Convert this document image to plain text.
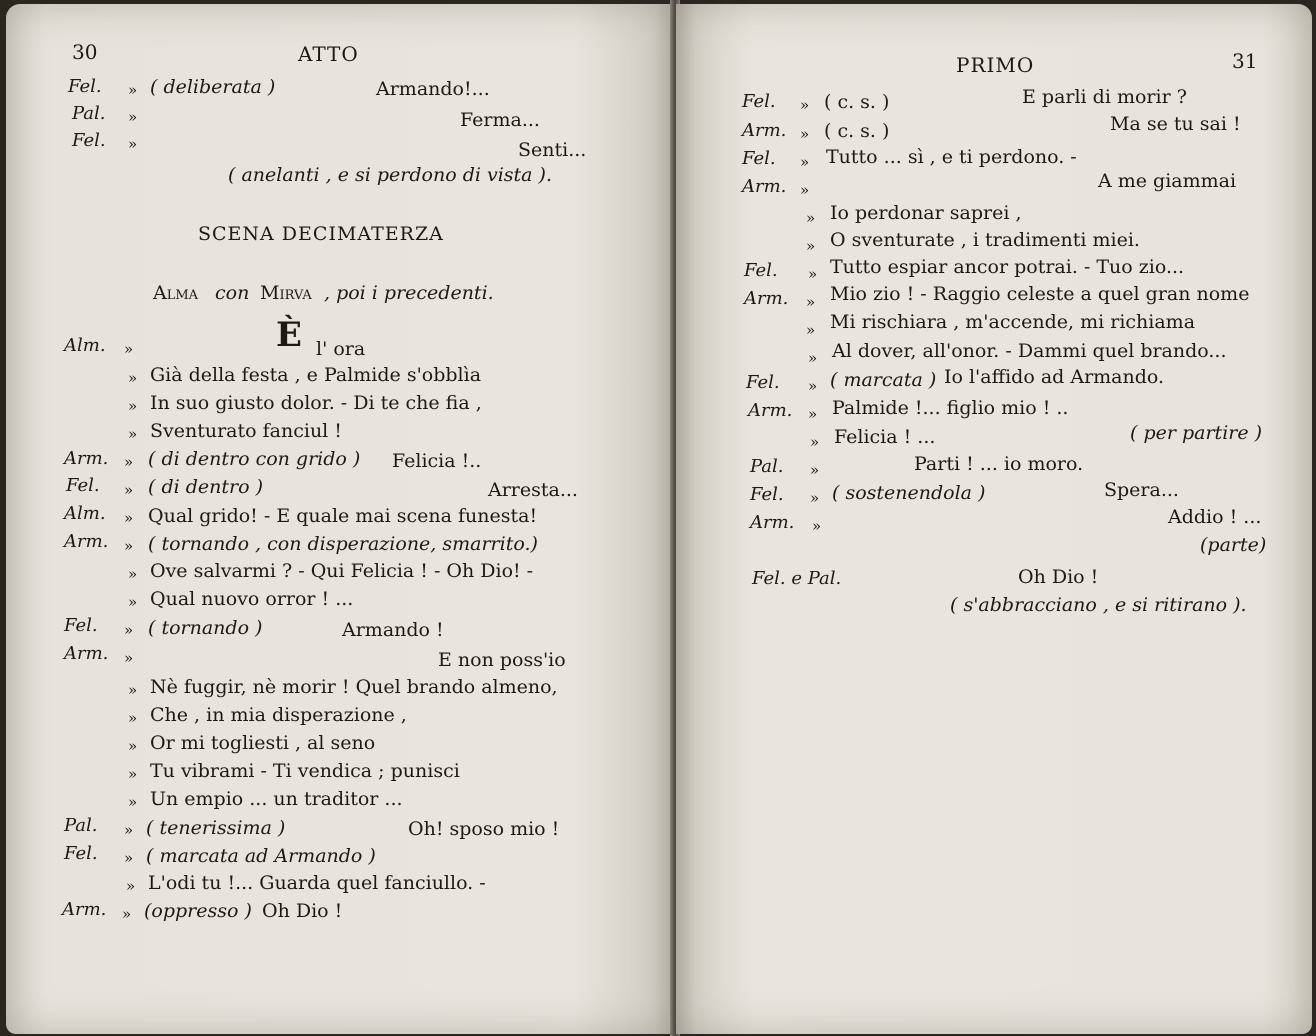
30	ATTO
Fel. » ( deliberata )	Armando!...
Pal. »	Ferma...
Fel. »	Senti...
( anelanti , e si perdono di vista ).
SCENA DECIMATERZA
Alma con Mirva , poi i precedenti.
Alm. »	È l' ora
» Già della festa , e Palmide s'obblìa
» In suo giusto dolor. - Di te che fia ,
» Sventurato fanciul !
Arm. » ( di dentro con grido ) Felicia !..
Fel. » ( di dentro )	Arresta...
Alm. » Qual grido! - E quale mai scena funesta!
Arm. » ( tornando , con disperazione, smarrito.)
» Ove salvarmi ? - Qui Felicia ! - Oh Dio! -
» Qual nuovo orror ! ...
Fel. » ( tornando )	Armando !
Arm. »	E non poss'io
» Nè fuggir, nè morir ! Quel brando almeno,
» Che , in mia disperazione ,
» Or mi togliesti , al seno
» Tu vibrami - Ti vendica ; punisci
» Un empio ... un traditor ...
Pal. » ( tenerissima )	Oh! sposo mio !
Fel. » ( marcata ad Armando )
» L'odi tu !... Guarda quel fanciullo. -
Arm. » (oppresso ) Oh Dio !
PRIMO	31
Fel. » ( c. s. )	E parli di morir ?
Arm. » ( c. s. )	Ma se tu sai !
Fel. » Tutto ... sì , e ti perdono. -
Arm. »	A me giammai
» Io perdonar saprei ,
» O sventurate , i tradimenti miei.
Fel. » Tutto espiar ancor potrai. - Tuo zio...
Arm. » Mio zio ! - Raggio celeste a quel gran nome
» Mi rischiara , m'accende, mi richiama
» Al dover, all'onor. - Dammi quel brando...
Fel. » ( marcata ) Io l'affido ad Armando.
Arm. » Palmide !... figlio mio ! ..
» Felicia ! ...	( per partire )
Pal. »	Parti ! ... io moro.
Fel. » ( sostenendola )	Spera...
Arm. »	Addio ! ...
(parte)
Fel. e Pal.	Oh Dio !
( s'abbracciano , e si ritirano ).
